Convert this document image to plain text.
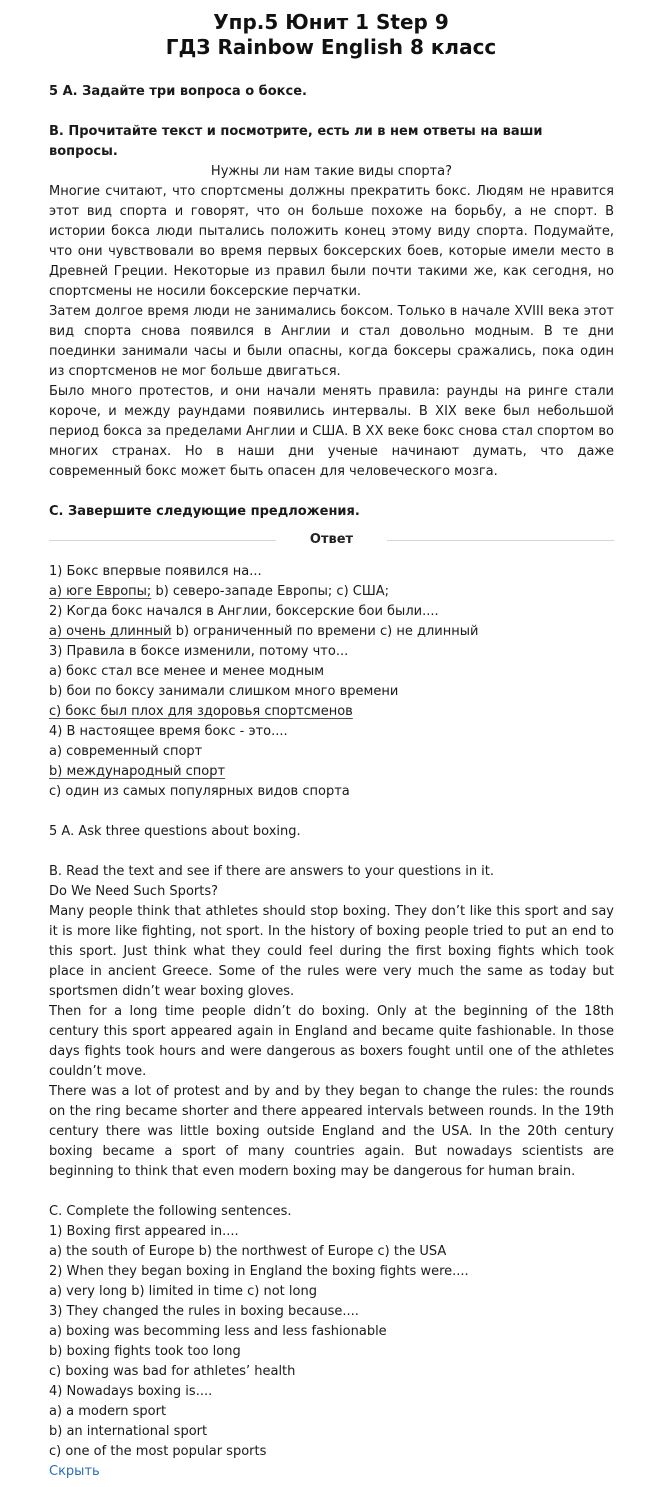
Упр.5 Юнит 1 Step 9
ГДЗ Rainbow English 8 класс
5 А. Задайте три вопроса о боксе.
В. Прочитайте текст и посмотрите, есть ли в нем ответы на ваши вопросы.
Нужны ли нам такие виды спорта?

Многие считают, что спортсмены должны прекратить бокс. Людям не нравится этот вид спорта и говорят, что он больше похоже на борьбу, а не спорт. В истории бокса люди пытались положить конец этому виду спорта. Подумайте, что они чувствовали во время первых боксерских боев, которые имели место в Древней Греции. Некоторые из правил были почти такими же, как сегодня, но спортсмены не носили боксерские перчатки.

Затем долгое время люди не занимались боксом. Только в начале XVIII века этот вид спорта снова появился в Англии и стал довольно модным. В те дни поединки занимали часы и были опасны, когда боксеры сражались, пока один из спортсменов не мог больше двигаться.

Было много протестов, и они начали менять правила: раунды на ринге стали короче, и между раундами появились интервалы. В XIX веке был небольшой период бокса за пределами Англии и США. В XX веке бокс снова стал спортом во многих странах. Но в наши дни ученые начинают думать, что даже современный бокс может быть опасен для человеческого мозга.

С. Завершите следующие предложения.
Ответ
1) Бокс впервые появился на...
а) юге Европы; b) северо-западе Европы; с) США;
2) Когда бокс начался в Англии, боксерские бои были....
а) очень длинный b) ограниченный по времени с) не длинный
3) Правила в боксе изменили, потому что...
а) бокс стал все менее и менее модным
b) бои по боксу занимали слишком много времени
с) бокс был плох для здоровья спортсменов
4) В настоящее время бокс - это....
а) современный спорт
b) международный спорт
с) один из самых популярных видов спорта
5 A. Ask three questions about boxing.
B. Read the text and see if there are answers to your questions in it.
Do We Need Such Sports?

Many people think that athletes should stop boxing. They don’t like this sport and say it is more like fighting, not sport. In the history of boxing people tried to put an end to this sport. Just think what they could feel during the first boxing fights which took place in ancient Greece. Some of the rules were very much the same as today but sportsmen didn’t wear boxing gloves.

Then for a long time people didn’t do boxing. Only at the beginning of the 18th century this sport appeared again in England and became quite fashionable. In those days fights took hours and were dangerous as boxers fought until one of the athletes couldn’t move.

There was a lot of protest and by and by they began to change the rules: the rounds on the ring became shorter and there appeared intervals between rounds. In the 19th century there was little boxing outside England and the USA. In the 20th century boxing became a sport of many countries again. But nowadays scientists are beginning to think that even modern boxing may be dangerous for human brain.

C. Complete the following sentences.
1) Boxing first appeared in....
a) the south of Europe b) the northwest of Europe c) the USA
2) When they began boxing in England the boxing fights were....
a) very long b) limited in time c) not long
3) They changed the rules in boxing because....
a) boxing was becomming less and less fashionable
b) boxing fights took too long
c) boxing was bad for athletes’ health
4) Nowadays boxing is....
a) a modern sport
b) an international sport
c) one of the most popular sports
Скрыть
